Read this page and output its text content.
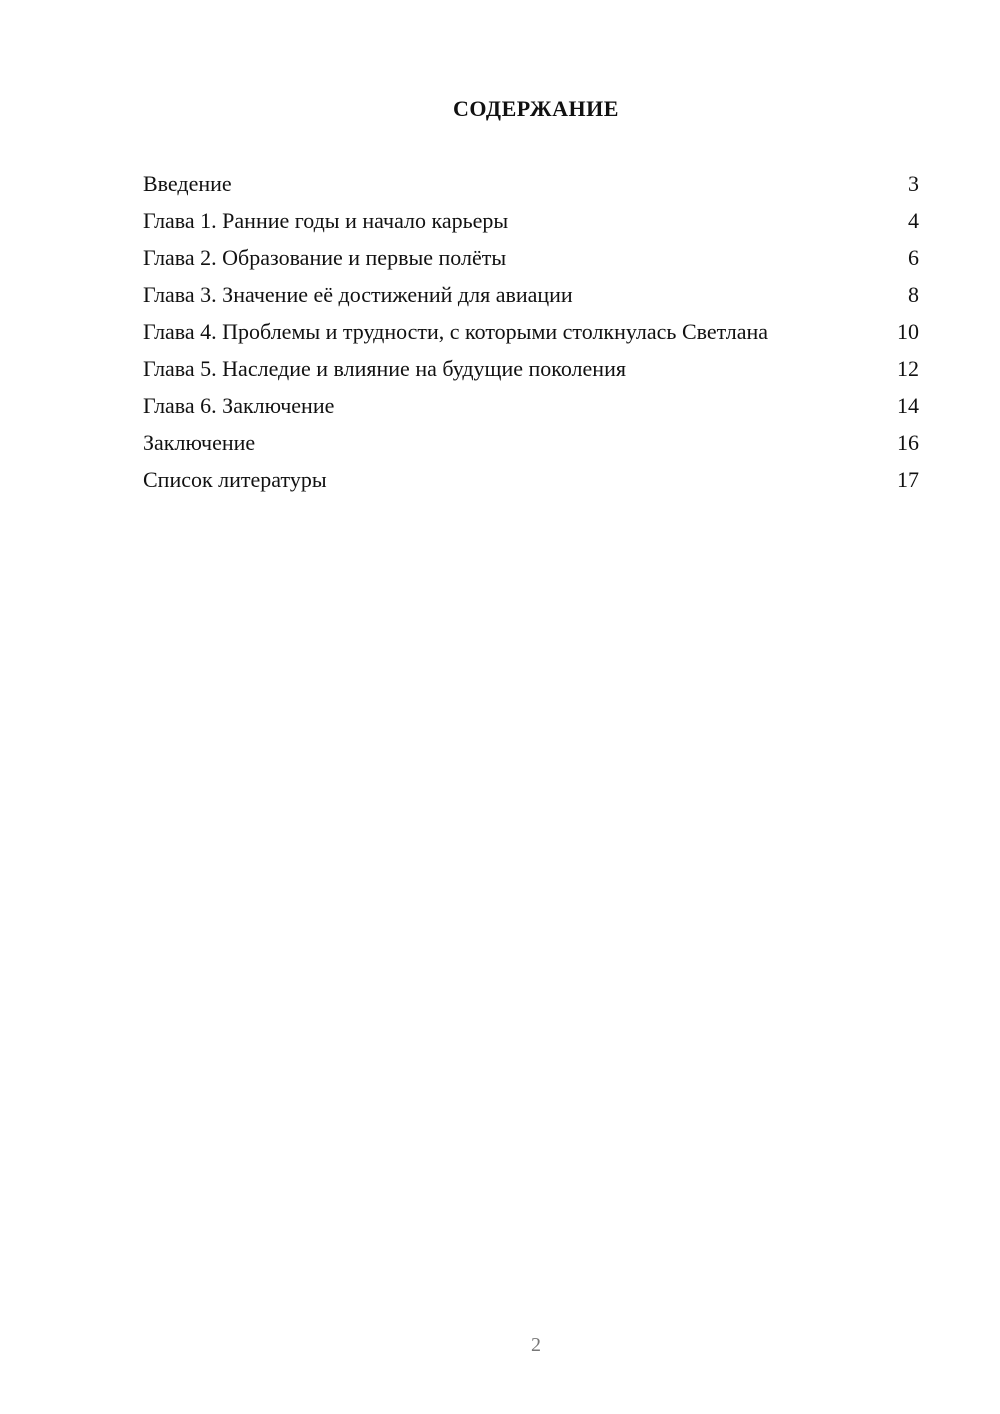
СОДЕРЖАНИЕ
Введение	3
Глава 1. Ранние годы и начало карьеры	4
Глава 2. Образование и первые полёты	6
Глава 3. Значение её достижений для авиации	8
Глава 4. Проблемы и трудности, с которыми столкнулась Светлана	10
Глава 5. Наследие и влияние на будущие поколения	12
Глава 6. Заключение	14
Заключение	16
Список литературы	17
2
